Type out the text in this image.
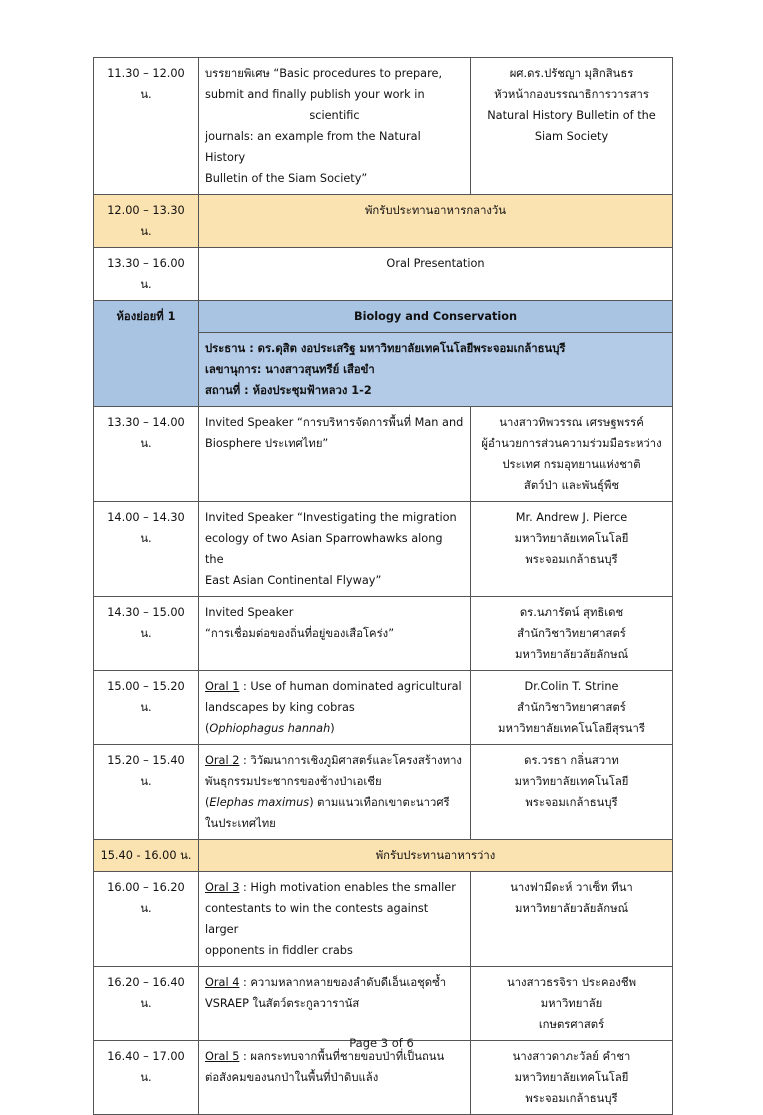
11.30 – 12.00 น.	บรรยายพิเศษ “Basic procedures to prepare,
submit and finally publish your work in
scientific
journals: an example from the Natural History
Bulletin of the Siam Society”	ผศ.ดร.ปรัชญา มุสิกสินธร
หัวหน้ากองบรรณาธิการวารสาร
Natural History Bulletin of the
Siam Society

12.00 – 13.30 น.	พักรับประทานอาหารกลางวัน	
13.30 – 16.00 น.	Oral Presentation	
ห้องย่อยที่ 1	Biology and Conservation	

	ประธาน : ดร.ดุสิต งอประเสริฐ มหาวิทยาลัยเทคโนโลยีพระจอมเกล้าธนบุรี
เลขานุการ: นางสาวสุนทรีย์ เสือขำ
สถานที่ : ห้องประชุมฟ้าหลวง 1-2	

13.30 – 14.00 น.	Invited Speaker “การบริหารจัดการพื้นที่ Man and
Biosphere ประเทศไทย”	นางสาวทิพวรรณ เศรษฐพรรค์
ผู้อำนวยการส่วนความร่วมมือระหว่าง
ประเทศ กรมอุทยานแห่งชาติ
สัตว์ป่า และพันธุ์พืช

14.00 – 14.30 น.	Invited Speaker “Investigating the migration
ecology of two Asian Sparrowhawks along the
East Asian Continental Flyway”	Mr. Andrew J. Pierce
มหาวิทยาลัยเทคโนโลยี
พระจอมเกล้าธนบุรี

14.30 – 15.00 น.	Invited Speaker
“การเชื่อมต่อของถิ่นที่อยู่ของเสือโคร่ง”	ดร.นภารัตน์ สุทธิเดช
สำนักวิชาวิทยาศาสตร์
มหาวิทยาลัยวลัยลักษณ์

15.00 – 15.20 น.	Oral 1 : Use of human dominated agricultural
landscapes by king cobras
(Ophiophagus hannah)	Dr.Colin T. Strine
สำนักวิชาวิทยาศาสตร์
มหาวิทยาลัยเทคโนโลยีสุรนารี

15.20 – 15.40 น.	Oral 2 : วิวัฒนาการเชิงภูมิศาสตร์และโครงสร้างทาง
พันธุกรรมประชากรของช้างป่าเอเชีย
(Elephas maximus) ตามแนวเทือกเขาตะนาวศรี
ในประเทศไทย	ดร.วรธา กลิ่นสวาท
มหาวิทยาลัยเทคโนโลยี
พระจอมเกล้าธนบุรี

15.40 - 16.00 น.	พักรับประทานอาหารว่าง	
16.00 – 16.20 น.	Oral 3 : High motivation enables the smaller
contestants to win the contests against larger
opponents in fiddler crabs	นางฟามีดะห์ วาเซ็ท ทีนา
มหาวิทยาลัยวลัยลักษณ์

16.20 – 16.40 น.	Oral 4 : ความหลากหลายของลำดับดีเอ็นเอชุดซ้ำ
VSRAEP ในสัตว์ตระกูลวารานัส	นางสาวธรจิรา ประคองชีพ มหาวิทยาลัย
เกษตรศาสตร์

16.40 – 17.00 น.	Oral 5 : ผลกระทบจากพื้นที่ชายขอบป่าที่เป็นถนน
ต่อสังคมของนกป่าในพื้นที่ป่าดิบแล้ง	นางสาวดาภะวัลย์ คำชา
มหาวิทยาลัยเทคโนโลยี
พระจอมเกล้าธนบุรี
Page 3 of 6
